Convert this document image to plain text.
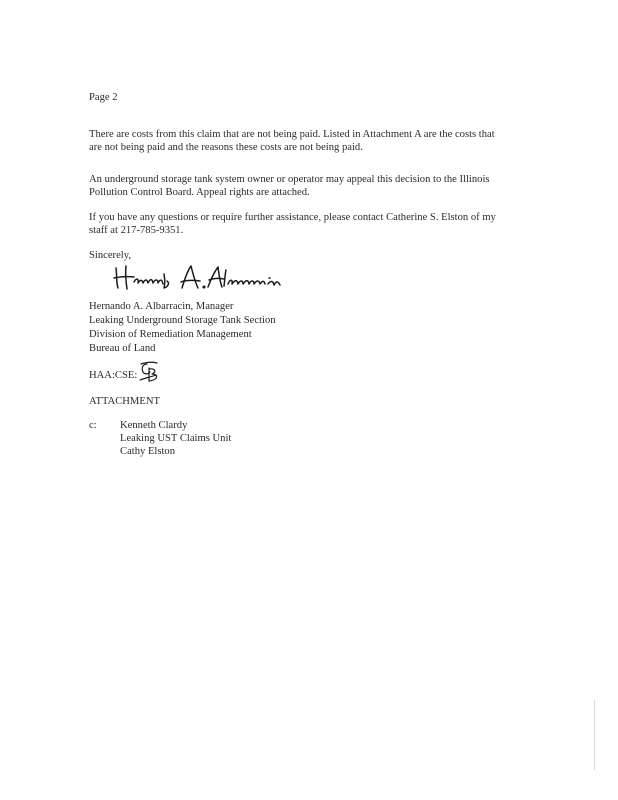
Page 2
There are costs from this claim that are not being paid. Listed in Attachment A are the costs that
are not being paid and the reasons these costs are not being paid.
An underground storage tank system owner or operator may appeal this decision to the Illinois
Pollution Control Board. Appeal rights are attached.
If you have any questions or require further assistance, please contact Catherine S. Elston of my
staff at 217-785-9351.
Sincerely,
Hernando A. Albarracin, Manager
Leaking Underground Storage Tank Section
Division of Remediation Management
Bureau of Land
HAA:CSE:
ATTACHMENT
c: Kenneth Clardy
Leaking UST Claims Unit
Cathy Elston
